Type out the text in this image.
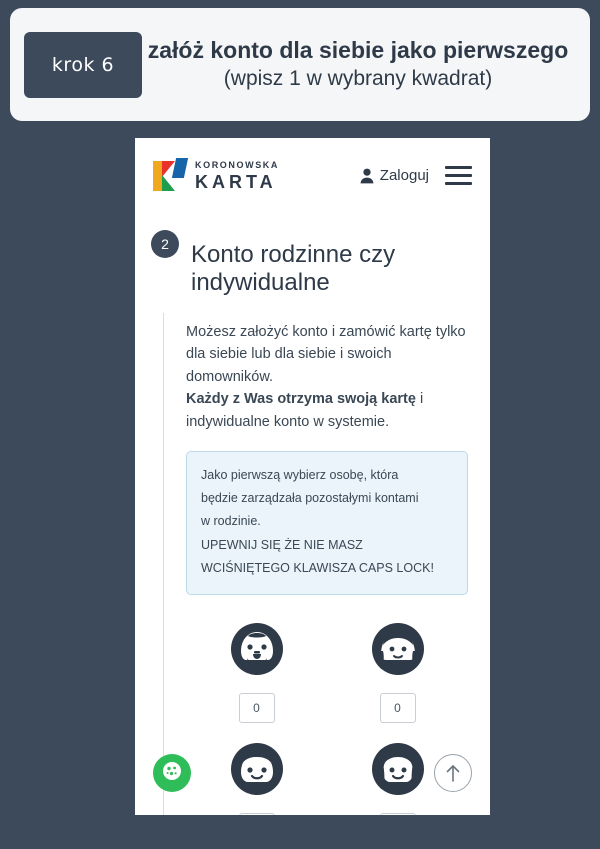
krok 6
załóż konto dla siebie jako pierwszego
(wpisz 1 w wybrany kwadrat)
KORONOWSKA
KARTA	Zaloguj
2 Konto rodzinne czy indywidualne

Możesz założyć konto i zamówić kartę tylko dla siebie lub dla siebie i swoich domowników.

Każdy z Was otrzyma swoją kartę i indywidualne konto w systemie.

Jako pierwszą wybierz osobę, która
będzie zarządzała pozostałymi kontami
w rodzinie.
UPEWNIJ SIĘ ŻE NIE MASZ
WCIŚNIĘTEGO KLAWISZA CAPS LOCK!
0
0
0
0
